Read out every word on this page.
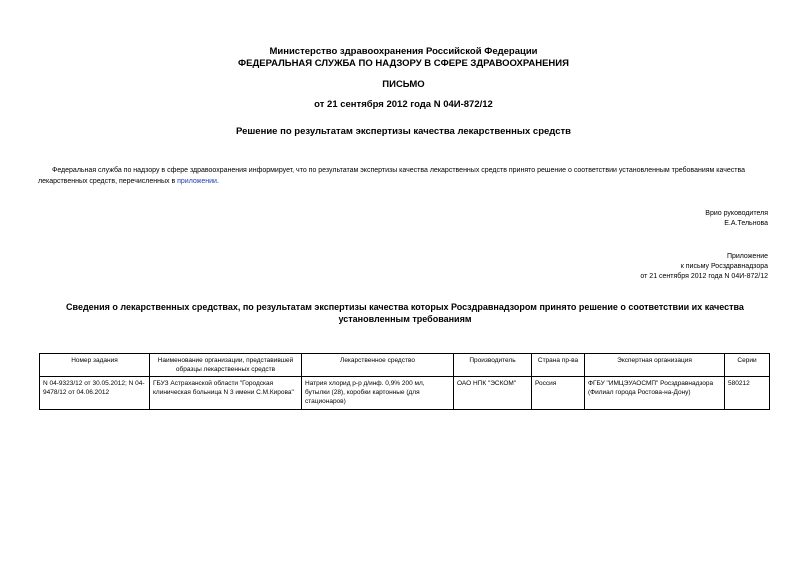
Министерство здравоохранения Российской Федерации
ФЕДЕРАЛЬНАЯ СЛУЖБА ПО НАДЗОРУ В СФЕРЕ ЗДРАВООХРАНЕНИЯ
ПИСЬМО
от 21 сентября 2012 года N 04И-872/12
Решение по результатам экспертизы качества лекарственных средств

Федеральная служба по надзору в сфере здравоохранения информирует, что по результатам экспертизы качества лекарственных средств принято решение о соответствии установленным требованиям качества лекарственных средств, перечисленных в приложении.

Врио руководителя
Е.А.Тельнова
Приложение
к письму Росздравнадзора
от 21 сентября 2012 года N 04И-872/12
Сведения о лекарственных средствах, по результатам экспертизы качества которых Росздравнадзором принято решение о соответствии их качества установленным требованиям
Номер задания	Наименование организации, представившей образцы лекарственных средств	Лекарственное средство	Производитель	Страна пр-ва	Экспертная организация	Серии
N 04-9323/12 от 30.05.2012; N 04-9478/12 от 04.06.2012	ГБУЗ Астраханской области "Городская клиническая больница N 3 имени С.М.Кирова"	Натрия хлорид р-р д/инф. 0,9% 200 мл, бутылки (28), коробки картонные (для стационаров)	ОАО НПК "ЭСКОМ"	Россия	ФГБУ "ИМЦЭУАОСМП" Росздравнадзора (Филиал города Ростова-на-Дону)	580212
